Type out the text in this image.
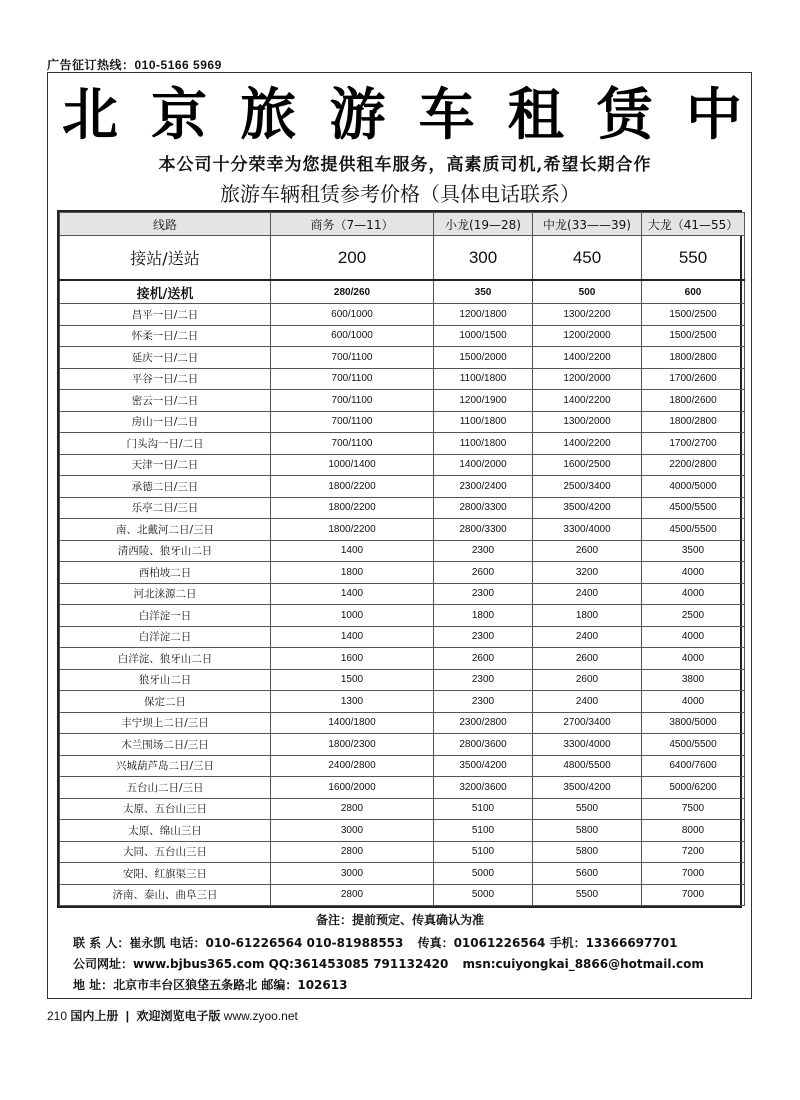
广告征订热线：010-5166 5969
北 京 旅 游 车 租 赁 中
本公司十分荣幸为您提供租车服务，高素质司机,希望长期合作
旅游车辆租赁参考价格（具体电话联系）
线路	商务（7—11）	小龙(19—28)	中龙(33——39)	大龙（41—55）
接站/送站	200	300	450	550
接机/送机	280/260	350	500	600
昌平一日/二日	600/1000	1200/1800	1300/2200	1500/2500
怀柔一日/二日	600/1000	1000/1500	1200/2000	1500/2500
延庆一日/二日	700/1100	1500/2000	1400/2200	1800/2800
平谷一日/二日	700/1100	1100/1800	1200/2000	1700/2600
密云一日/二日	700/1100	1200/1900	1400/2200	1800/2600
房山一日/二日	700/1100	1100/1800	1300/2000	1800/2800
门头沟一日/二日	700/1100	1100/1800	1400/2200	1700/2700
天津一日/二日	1000/1400	1400/2000	1600/2500	2200/2800
承德二日/三日	1800/2200	2300/2400	2500/3400	4000/5000
乐亭二日/三日	1800/2200	2800/3300	3500/4200	4500/5500
南、北戴河二日/三日	1800/2200	2800/3300	3300/4000	4500/5500
清西陵、狼牙山二日	1400	2300	2600	3500
西柏坡二日	1800	2600	3200	4000
河北涞源二日	1400	2300	2400	4000
白洋淀一日	1000	1800	1800	2500
白洋淀二日	1400	2300	2400	4000
白洋淀、狼牙山二日	1600	2600	2600	4000
狼牙山二日	1500	2300	2600	3800
保定二日	1300	2300	2400	4000
丰宁坝上二日/三日	1400/1800	2300/2800	2700/3400	3800/5000
木兰围场二日/三日	1800/2300	2800/3600	3300/4000	4500/5500
兴城葫芦岛二日/三日	2400/2800	3500/4200	4800/5500	6400/7600
五台山二日/三日	1600/2000	3200/3600	3500/4200	5000/6200
太原、五台山三日	2800	5100	5500	7500
太原、绵山三日	3000	5100	5800	8000
大同、五台山三日	2800	5100	5800	7200
安阳、红旗渠三日	3000	5000	5600	7000
济南、泰山、曲阜三日	2800	5000	5500	7000
备注：提前预定、传真确认为准
联 系 人：崔永凯 电话：010-61226564 010-81988553 传真：01061226564 手机：13366697701
公司网址：www.bjbus365.com QQ:361453085 791132420 msn:cuiyongkai_8866@hotmail.com
地 址：北京市丰台区狼垡五条路北 邮编：102613
210 国内上册 | 欢迎浏览电子版 www.zyoo.net
